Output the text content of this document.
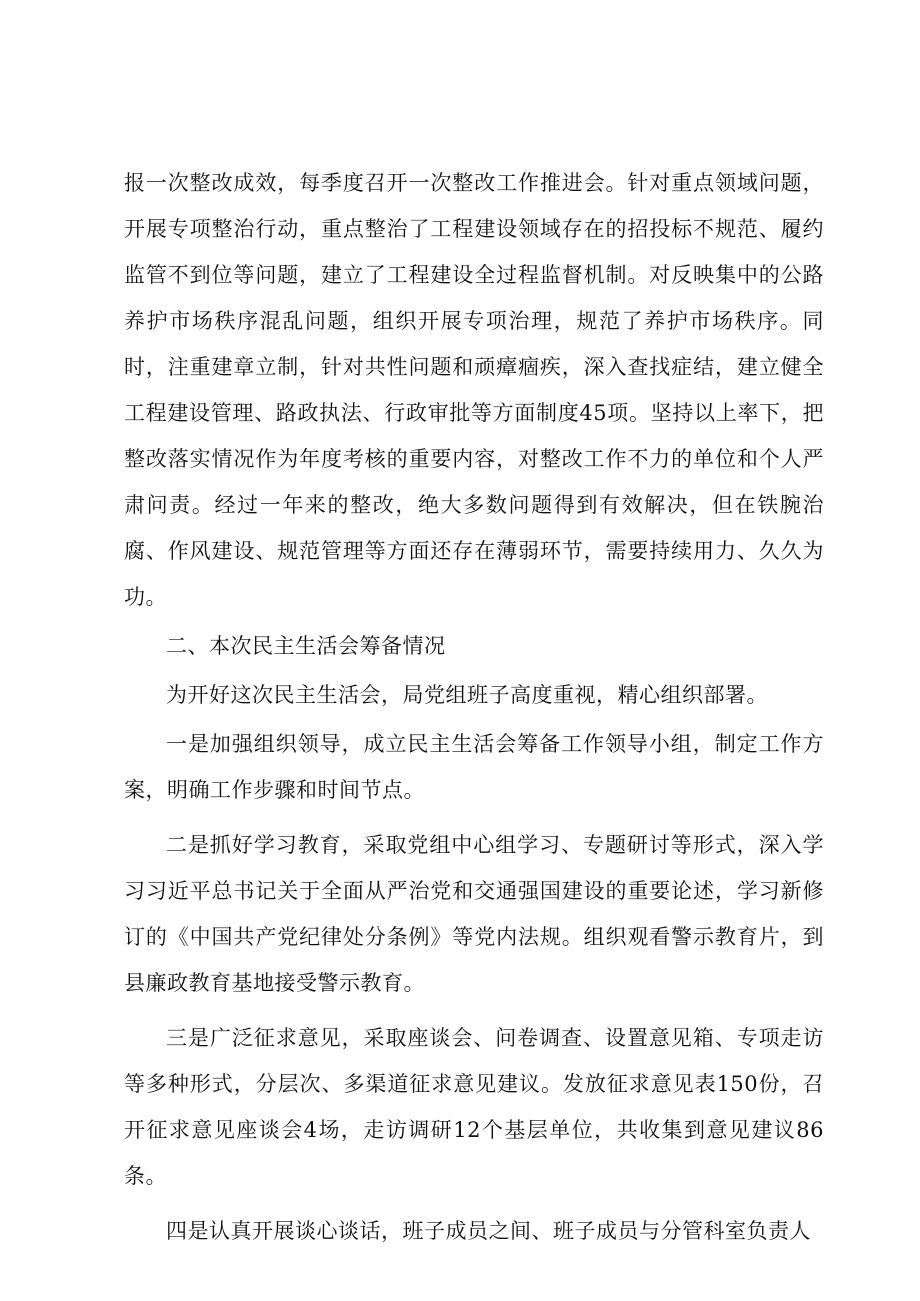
报一次整改成效，每季度召开一次整改工作推进会。针对重点领域问题，开展专项整治行动，重点整治了工程建设领域存在的招投标不规范、履约监管不到位等问题，建立了工程建设全过程监督机制。对反映集中的公路养护市场秩序混乱问题，组织开展专项治理，规范了养护市场秩序。同时，注重建章立制，针对共性问题和顽瘴痼疾，深入查找症结，建立健全工程建设管理、路政执法、行政审批等方面制度45项。坚持以上率下，把整改落实情况作为年度考核的重要内容，对整改工作不力的单位和个人严肃问责。经过一年来的整改，绝大多数问题得到有效解决，但在铁腕治腐、作风建设、规范管理等方面还存在薄弱环节，需要持续用力、久久为功。

二、本次民主生活会筹备情况

为开好这次民主生活会，局党组班子高度重视，精心组织部署。

一是加强组织领导，成立民主生活会筹备工作领导小组，制定工作方案，明确工作步骤和时间节点。

二是抓好学习教育，采取党组中心组学习、专题研讨等形式，深入学习习近平总书记关于全面从严治党和交通强国建设的重要论述，学习新修订的《中国共产党纪律处分条例》等党内法规。组织观看警示教育片，到县廉政教育基地接受警示教育。

三是广泛征求意见，采取座谈会、问卷调查、设置意见箱、专项走访等多种形式，分层次、多渠道征求意见建议。发放征求意见表150份，召开征求意见座谈会4场，走访调研12个基层单位，共收集到意见建议86条。

四是认真开展谈心谈话，班子成员之间、班子成员与分管科室负责人
